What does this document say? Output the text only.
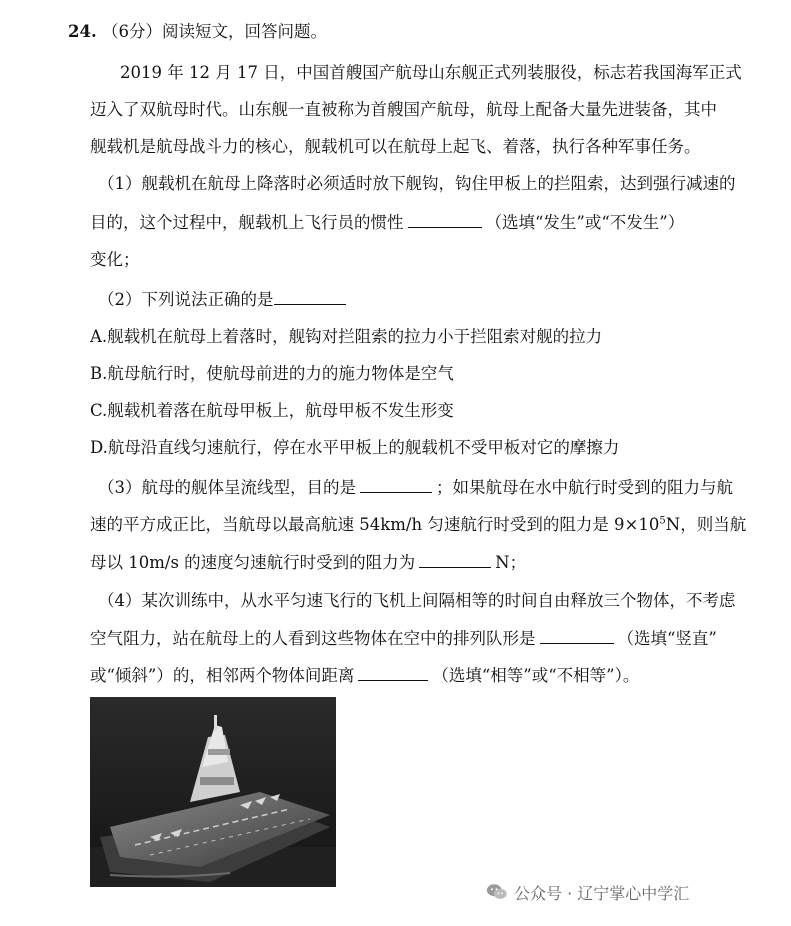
24. （6分）阅读短文，回答问题。
2019 年 12 月 17 日，中国首艘国产航母山东舰正式列装服役，标志若我国海军正式
迈入了双航母时代。山东舰一直被称为首艘国产航母，航母上配备大量先进装备，其中
舰载机是航母战斗力的核心，舰载机可以在航母上起飞、着落，执行各种军事任务。
（1）舰载机在航母上降落时必须适时放下舰钩，钩住甲板上的拦阻索，达到强行减速的
目的，这个过程中，舰载机上飞行员的惯性	（选填“发生”或“不发生”）
变化；
（2）下列说法正确的是
A.舰载机在航母上着落时，舰钩对拦阻索的拉力小于拦阻索对舰的拉力
B.航母航行时，使航母前进的力的施力物体是空气
C.舰载机着落在航母甲板上，航母甲板不发生形变
D.航母沿直线匀速航行，停在水平甲板上的舰载机不受甲板对它的摩擦力
（3）航母的舰体呈流线型，目的是	；如果航母在水中航行时受到的阻力与航
速的平方成正比，当航母以最高航速 54km/h 匀速航行时受到的阻力是 $9\times 10^5N$，则当航
母以 10m/s 的速度匀速航行时受到的阻力为	N；
（4）某次训练中，从水平匀速飞行的飞机上间隔相等的时间自由释放三个物体，不考虑
空气阻力，站在航母上的人看到这些物体在空中的排列队形是	（选填“竖直”
或“倾斜”）的，相邻两个物体间距离	（选填“相等”或“不相等”）。
公众号 · 辽宁掌心中学汇
